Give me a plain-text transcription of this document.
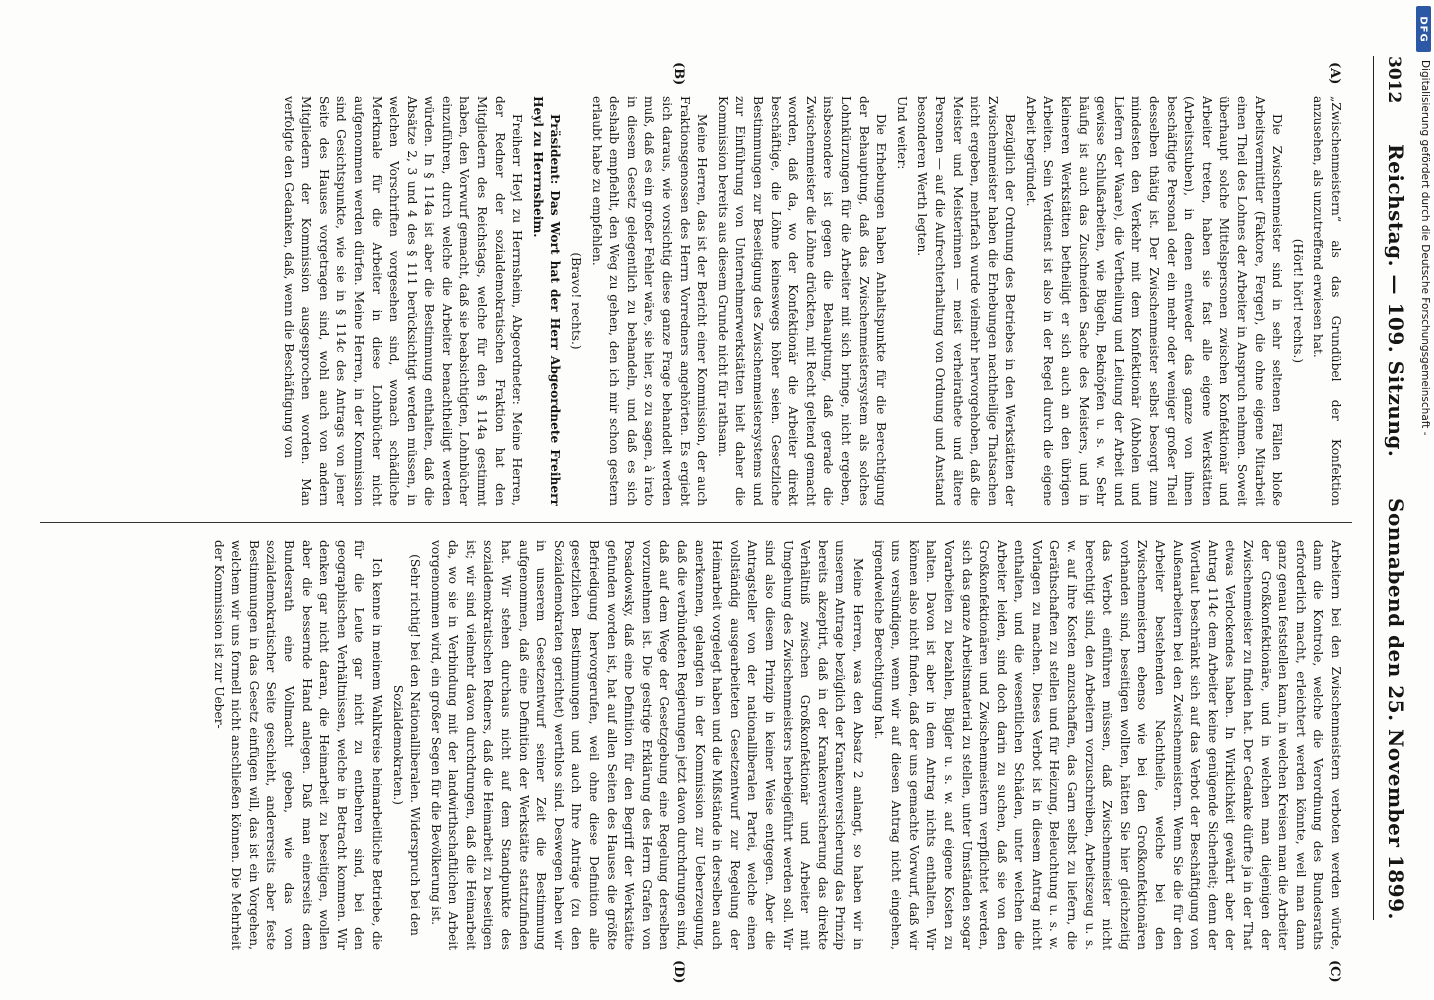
3012
Reichstag. — 109. Sitzung.
Sonnabend den 25. November 1899.
(A)
(B)
(C)
(D)

„Zwischenmeistern“ als das Grundübel der Konfektion anzusehen, als unzutreffend erwiesen hat.

(Hört! hört! rechts.)

Die Zwischenmeister sind in sehr seltenen Fällen bloße Arbeitsvermittler (Faktore, Ferger), die ohne eigene Mitarbeit einen Theil des Lohnes der Arbeiter in Anspruch nehmen. Soweit überhaupt solche Mittelspersonen zwischen Konfektionär und Arbeiter treten, haben sie fast alle eigene Werkstätten (Arbeitsstuben), in denen entweder das ganze von ihnen beschäftigte Personal oder ein mehr oder weniger großer Theil desselben thätig ist. Der Zwischenmeister selbst besorgt zum mindesten den Verkehr mit dem Konfektionär (Abholen und Liefern der Waare), die Vertheilung und Leitung der Arbeit und gewisse Schlußarbeiten, wie Bügeln, Beknöpfen u. s. w. Sehr häufig ist auch das Zuschneiden Sache des Meisters, und in kleineren Werkstätten betheiligt er sich auch an den übrigen Arbeiten. Sein Verdienst ist also in der Regel durch die eigene Arbeit begründet.

Bezüglich der Ordnung des Betriebes in den Werkstätten der Zwischenmeister haben die Erhebungen nachtheilige Thatsachen nicht ergeben, mehrfach wurde vielmehr hervorgehoben, daß die Meister und Meisterinnen — meist verheirathete und ältere Personen — auf die Aufrechterhaltung von Ordnung und Anstand besonderen Werth legten.

Und weiter:

Die Erhebungen haben Anhaltspunkte für die Berechtigung der Behauptung, daß das Zwischenmeistersystem als solches Lohnkürzungen für die Arbeiter mit sich bringe, nicht ergeben, insbesondere ist gegen die Behauptung, daß gerade die Zwischenmeister die Löhne drückten, mit Recht geltend gemacht worden, daß da, wo der Konfektionär die Arbeiter direkt beschäftige, die Löhne keineswegs höher seien. Gesetzliche Bestimmungen zur Beseitigung des Zwischenmeistersystems und zur Einführung von Unternehmerwerkstätten hielt daher die Kommission bereits aus diesem Grunde nicht für rathsam.

Meine Herren, das ist der Bericht einer Kommission, der auch Fraktionsgenossen des Herrn Vorredners angehörten. Es ergiebt sich daraus, wie vorsichtig diese ganze Frage behandelt werden muß, daß es ein großer Fehler wäre, sie hier, so zu sagen, à irato in diesem Gesetz gelegentlich zu behandeln, und daß es sich deshalb empfiehlt, den Weg zu gehen, den ich mir schon gestern erlaubt habe zu empfehlen.

(Bravo! rechts.)

Präsident: Das Wort hat der Herr Abgeordnete Freiherr Heyl zu Herrnsheim.

Freiherr Heyl zu Herrnsheim, Abgeordneter: Meine Herren, der Redner der sozialdemokratischen Fraktion hat den Mitgliedern des Reichstags, welche für den § 114a gestimmt haben, den Vorwurf gemacht, daß sie beabsichtigten, Lohnbücher einzuführen, durch welche die Arbeiter benachtheiligt werden würden. In § 114a ist aber die Bestimmung enthalten, daß die Absätze 2, 3 und 4 des § 111 berücksichtigt werden müssen, in welchen Vorschriften vorgesehen sind, wonach schädliche Merkmale für die Arbeiter in diese Lohnbücher nicht aufgenommen werden dürfen. Meine Herren, in der Kommission sind Gesichtspunkte, wie sie in § 114c des Antrags von jener Seite des Hauses vorgetragen sind, wohl auch von andern Mitgliedern der Kommission ausgesprochen worden. Man verfolgte den Gedanken, daß, wenn die Beschäftigung von

Arbeitern bei den Zwischenmeistern verboten werden würde, dann die Kontrole, welche die Verordnung des Bundesraths erforderlich macht, erleichtert werden könnte, weil man dann ganz genau feststellen kann, in welchen Kreisen man die Arbeiter der Großkonfektionäre, und in welchen man diejenigen der Zwischenmeister zu finden hat. Der Gedanke dürfte ja in der That etwas Verlockendes haben. In Wirklichkeit gewährt aber der Antrag 114c dem Arbeiter keine genügende Sicherheit; denn der Wortlaut beschränkt sich auf das Verbot der Beschäftigung von Außenarbeitern bei den Zwischenmeistern. Wenn Sie die für den Arbeiter bestehenden Nachtheile, welche bei den Zwischenmeistern ebenso wie bei den Großkonfektionären vorhanden sind, beseitigen wollten, hätten Sie hier gleichzeitig das Verbot einführen müssen, daß Zwischenmeister nicht berechtigt sind, den Arbeitern vorzuschreiben, Arbeitszeug u. s. w. auf ihre Kosten anzuschaffen, das Garn selbst zu liefern, die Geräthschaften zu stellen und für Heizung, Beleuchtung u. s. w. Vorlagen zu machen. Dieses Verbot ist in diesem Antrag nicht enthalten, und die wesentlichen Schäden, unter welchen die Arbeiter leiden, sind doch darin zu suchen, daß sie von den Großkonfektionären und Zwischenmeistern verpflichtet werden, sich das ganze Arbeitsmaterial zu stellen, unter Umständen sogar Vorarbeiten zu bezahlen, Bügler u. s. w. auf eigene Kosten zu halten. Davon ist aber in dem Antrag nichts enthalten. Wir können also nicht finden, daß der uns gemachte Vorwurf, daß wir uns versündigen, wenn wir auf diesen Antrag nicht eingehen, irgendwelche Berechtigung hat.

Meine Herren, was den Absatz 2 anlangt, so haben wir in unserem Antrage bezüglich der Krankenversicherung das Prinzip bereits akzeptirt, daß in der Krankenversicherung das direkte Verhältniß zwischen Großkonfektionär und Arbeiter mit Umgehung des Zwischenmeisters herbeigeführt werden soll. Wir sind also diesem Prinzip in keiner Weise entgegen. Aber die Antragsteller von der nationalliberalen Partei, welche einen vollständig ausgearbeiteten Gesetzentwurf zur Regelung der Heimarbeit vorgelegt haben und die Mißstände in derselben auch anerkennen, gelangten in der Kommission zur Ueberzeugung, daß die verbündeten Regierungen jetzt davon durchdrungen sind, daß auf dem Wege der Gesetzgebung eine Regelung derselben vorzunehmen ist. Die gestrige Erklärung des Herrn Grafen von Posadowsky, daß eine Definition für den Begriff der Werkstätte gefunden worden ist, hat auf allen Seiten des Hauses die größte Befriedigung hervorgerufen, weil ohne diese Definition alle gesetzlichen Bestimmungen und auch Ihre Anträge (zu den Sozialdemokraten gerichtet) werthlos sind. Deswegen haben wir in unserem Gesetzentwurf seiner Zeit die Bestimmung aufgenommen, daß eine Definition der Werkstätte stattzufinden hat. Wir stehen durchaus nicht auf dem Standpunkte des sozialdemokratischen Redners, daß die Heimarbeit zu beseitigen ist; wir sind vielmehr davon durchdrungen, daß die Heimarbeit da, wo sie in Verbindung mit der landwirthschaftlichen Arbeit vorgenommen wird, ein großer Segen für die Bevölkerung ist.

(Sehr richtig! bei den Nationalliberalen. Widerspruch bei den Sozialdemokraten.)

Ich kenne in meinem Wahlkreise heimarbeitliche Betriebe, die für die Leute gar nicht zu entbehren sind, bei den geographischen Verhältnissen, welche in Betracht kommen. Wir denken gar nicht daran, die Heimarbeit zu beseitigen, wollen aber die bessernde Hand anlegen. Daß man einerseits dem Bundesrath eine Vollmacht geben, wie das von sozialdemokratischer Seite geschieht, andererseits aber feste Bestimmungen in das Gesetz einfügen will, das ist ein Vorgehen, welchem wir uns formell nicht anschließen können. Die Mehrheit der Kommission ist zur Ueber-

DFG
Digitalisierung gefördert durch die Deutsche Forschungsgemeinschaft -
